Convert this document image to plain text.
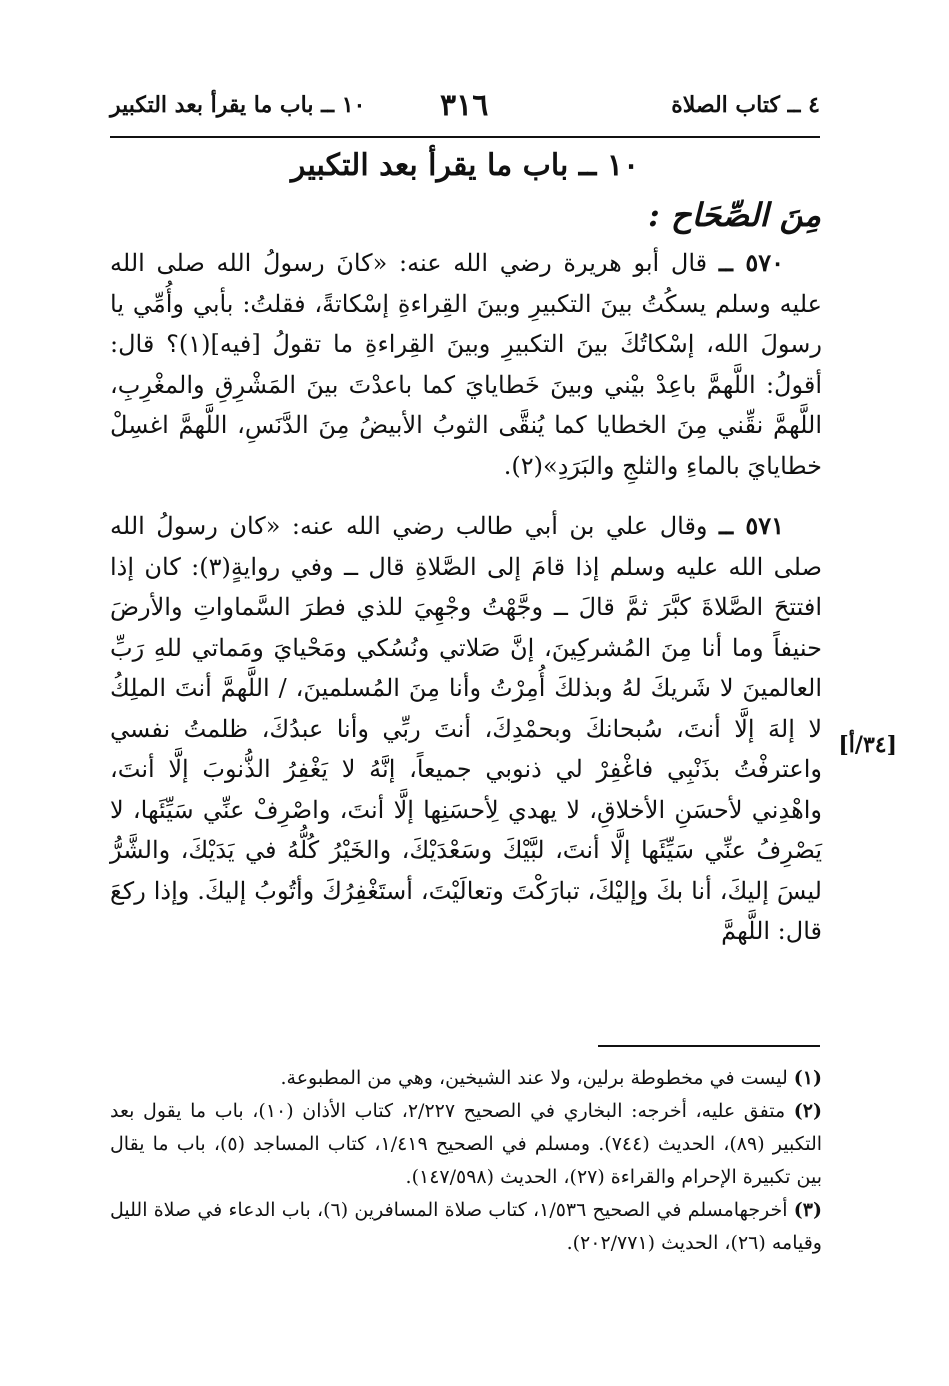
٤ ــ كتاب الصلاة
٣١٦
١٠ ــ باب ما يقرأ بعد التكبير
١٠ ــ باب ما يقرأ بعد التكبير
مِنَ الصِّحَاح :

٥٧٠ ــ قال أبو هريرة رضي الله عنه: «كانَ رسولُ الله صلى الله عليه وسلم يسكُتُ بينَ التكبيرِ وبينَ القِراءةِ إسْكاتةً، فقلتُ: بأبي وأُمِّي يا رسولَ الله، إسْكاتُكَ بينَ التكبيرِ وبينَ القِراءةِ ما تقولُ [فيه](١)؟ قال: أقولُ: اللَّهمَّ باعِدْ بيْني وبينَ خَطايايَ كما باعدْتَ بينَ المَشْرِقِ والمغْرِبِ، اللَّهمَّ نقِّني مِنَ الخطايا كما يُنقَّى الثوبُ الأبيضُ مِنَ الدَّنَسِ، اللَّهمَّ اغسِلْ خطايايَ بالماءِ والثلجِ والبَرَدِ»(٢).

٥٧١ ــ وقال علي بن أبي طالب رضي الله عنه: «كان رسولُ الله صلى الله عليه وسلم إذا قامَ إلى الصَّلاةِ قال ــ وفي روايةٍ(٣): كان إذا افتتحَ الصَّلاةَ كبَّرَ ثمَّ قالَ ــ وجَّهْتُ وجْهِيَ للذي فطرَ السَّماواتِ والأرضَ حنيفاً وما أنا مِنَ المُشركِينَ، إنَّ صَلاتي ونُسُكي ومَحْيايَ ومَماتي للهِ رَبِّ العالمينَ لا شَريكَ لهُ وبذلكَ أُمِرْتُ وأنا مِنَ المُسلمينَ، / اللَّهمَّ أنتَ الملِكُ لا إلهَ إلَّا أنتَ، سُبحانكَ وبحمْدِكَ، أنتَ ربِّي وأنا عبدُكَ، ظلمتُ نفسي واعترفْتُ بذَنْبِي فاغْفِرْ لي ذنوبي جميعاً، إنَّهُ لا يَغْفِرُ الذُّنوبَ إلَّا أنتَ، واهْدِني لأحسَنِ الأخلاقِ، لا يهدي لِأحسَنِها إلَّا أنتَ، واصْرِفْ عنِّي سَيِّئَها، لا يَصْرِفُ عنِّي سَيِّئَها إلَّا أنتَ، لبَّيْكَ وسَعْدَيْكَ، والخَيْرُ كُلُّهُ في يَدَيْكَ، والشَّرُّ ليسَ إليكَ، أنا بكَ وإليْكَ، تبارَكْتَ وتعالَيْتَ، أستَغْفِرُكَ وأتُوبُ إليكَ. وإذا ركعَ قال: اللَّهمَّ

[٣٤/أ]

(١) ليست في مخطوطة برلين، ولا عند الشيخين، وهي من المطبوعة.

(٢) متفق عليه، أخرجه: البخاري في الصحيح ٢/٢٢٧، كتاب الأذان (١٠)، باب ما يقول بعد التكبير (٨٩)، الحديث (٧٤٤). ومسلم في الصحيح ١/٤١٩، كتاب المساجد (٥)، باب ما يقال بين تكبيرة الإحرام والقراءة (٢٧)، الحديث (١٤٧/٥٩٨).

(٣) أخرجهامسلم في الصحيح ١/٥٣٦، كتاب صلاة المسافرين (٦)، باب الدعاء في صلاة الليل وقيامه (٢٦)، الحديث (٢٠٢/٧٧١).
